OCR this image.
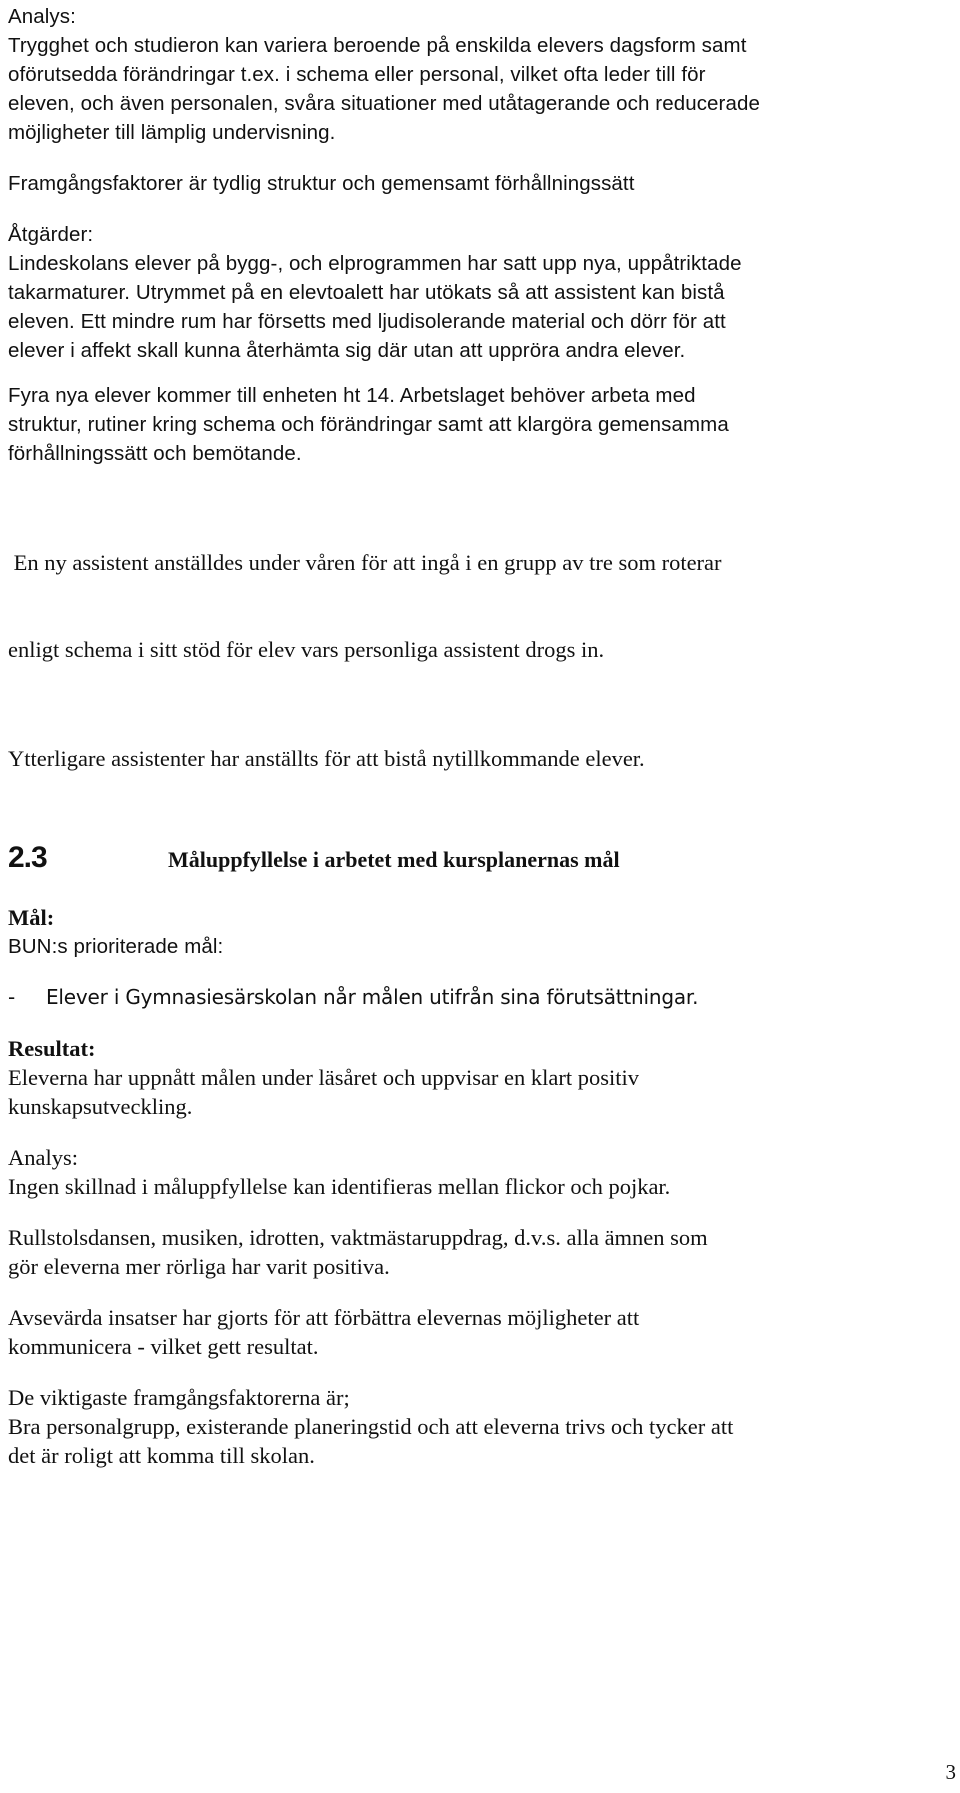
Analys:
Trygghet och studieron kan variera beroende på enskilda elevers dagsform samt
oförutsedda förändringar t.ex. i schema eller personal, vilket ofta leder till för
eleven, och även personalen, svåra situationer med utåtagerande och reducerade
möjligheter till lämplig undervisning.
Framgångsfaktorer är tydlig struktur och gemensamt förhållningssätt
Åtgärder:
Lindeskolans elever på bygg-, och elprogrammen har satt upp nya, uppåtriktade
takarmaturer. Utrymmet på en elevtoalett har utökats så att assistent kan bistå
eleven. Ett mindre rum har försetts med ljudisolerande material och dörr för att
elever i affekt skall kunna återhämta sig där utan att uppröra andra elever.
Fyra nya elever kommer till enheten ht 14. Arbetslaget behöver arbeta med
struktur, rutiner kring schema och förändringar samt att klargöra gemensamma
förhållningssätt och bemötande.

En ny assistent anställdes under våren för att ingå i en grupp av tre som roterar

enligt schema i sitt stöd för elev vars personliga assistent drogs in.

Ytterligare assistenter har anställts för att bistå nytillkommande elever.
2.3	Måluppfyllelse i arbetet med kursplanernas mål
Mål:
BUN:s prioriterade mål:
-	Elever i Gymnasiesärskolan når målen utifrån sina förutsättningar.
Resultat:
Eleverna har uppnått målen under läsåret och uppvisar en klart positiv
kunskapsutveckling.
Analys:
Ingen skillnad i måluppfyllelse kan identifieras mellan flickor och pojkar.
Rullstolsdansen, musiken, idrotten, vaktmästaruppdrag, d.v.s. alla ämnen som
gör eleverna mer rörliga har varit positiva.
Avsevärda insatser har gjorts för att förbättra elevernas möjligheter att
kommunicera - vilket gett resultat.
De viktigaste framgångsfaktorerna är;
Bra personalgrupp, existerande planeringstid och att eleverna trivs och tycker att
det är roligt att komma till skolan.
3
